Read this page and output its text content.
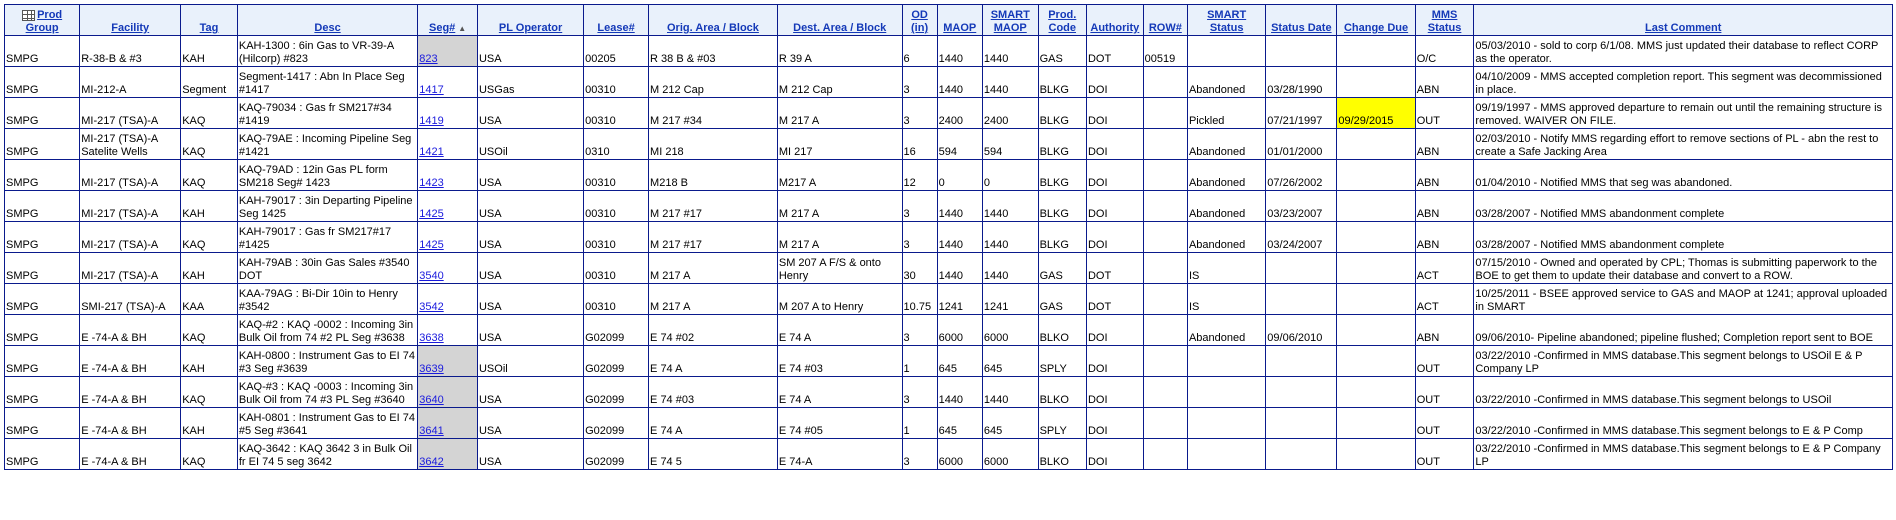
Prod Group	Facility	Tag	Desc	Seg# ▲	PL Operator	Lease#	Orig. Area / Block	Dest. Area / Block	OD (in)	MAOP	SMART MAOP	Prod. Code	Authority	ROW#	SMART Status	Status Date	Change Due	MMS Status	Last Comment
SMPG	R-38-B & #3	KAH	KAH-1300 : 6in Gas to VR-39-A (Hilcorp) #823	823	USA	00205	R 38 B & #03	R 39 A	6	1440	1440	GAS	DOT	00519				O/C	05/03/2010 - sold to corp 6/1/08. MMS just updated their database to reflect CORP as the operator.
SMPG	MI-212-A	Segment	Segment-1417 : Abn In Place Seg #1417	1417	USGas	00310	M 212 Cap	M 212 Cap	3	1440	1440	BLKG	DOI		Abandoned	03/28/1990		ABN	04/10/2009 - MMS accepted completion report. This segment was decommissioned in place.
SMPG	MI-217 (TSA)-A	KAQ	KAQ-79034 : Gas fr SM217#34 #1419	1419	USA	00310	M 217 #34	M 217 A	3	2400	2400	BLKG	DOI		Pickled	07/21/1997	09/29/2015	OUT	09/19/1997 - MMS approved departure to remain out until the remaining structure is removed. WAIVER ON FILE.
SMPG	MI-217 (TSA)-A Satelite Wells	KAQ	KAQ-79AE : Incoming Pipeline Seg #1421	1421	USOil	0310	MI 218	MI 217	16	594	594	BLKG	DOI		Abandoned	01/01/2000		ABN	02/03/2010 - Notify MMS regarding effort to remove sections of PL - abn the rest to create a Safe Jacking Area
SMPG	MI-217 (TSA)-A	KAQ	KAQ-79AD : 12in Gas PL form SM218 Seg# 1423	1423	USA	00310	M218 B	M217 A	12	0	0	BLKG	DOI		Abandoned	07/26/2002		ABN	01/04/2010 - Notified MMS that seg was abandoned.
SMPG	MI-217 (TSA)-A	KAH	KAH-79017 : 3in Departing Pipeline Seg 1425	1425	USA	00310	M 217 #17	M 217 A	3	1440	1440	BLKG	DOI		Abandoned	03/23/2007		ABN	03/28/2007 - Notified MMS abandonment complete
SMPG	MI-217 (TSA)-A	KAQ	KAH-79017 : Gas fr SM217#17 #1425	1425	USA	00310	M 217 #17	M 217 A	3	1440	1440	BLKG	DOI		Abandoned	03/24/2007		ABN	03/28/2007 - Notified MMS abandonment complete
SMPG	MI-217 (TSA)-A	KAH	KAH-79AB : 30in Gas Sales #3540 DOT	3540	USA	00310	M 217 A	SM 207 A F/S & onto Henry	30	1440	1440	GAS	DOT		IS			ACT	07/15/2010 - Owned and operated by CPL; Thomas is submitting paperwork to the BOE to get them to update their database and convert to a ROW.
SMPG	SMI-217 (TSA)-A	KAA	KAA-79AG : Bi-Dir 10in to Henry #3542	3542	USA	00310	M 217 A	M 207 A to Henry	10.75	1241	1241	GAS	DOT		IS			ACT	10/25/2011 - BSEE approved service to GAS and MAOP at 1241; approval uploaded in SMART
SMPG	E -74-A & BH	KAQ	KAQ-#2 : KAQ -0002 : Incoming 3in Bulk Oil from 74 #2 PL Seg #3638	3638	USA	G02099	E 74 #02	E 74 A	3	6000	6000	BLKO	DOI		Abandoned	09/06/2010		ABN	09/06/2010- Pipeline abandoned; pipeline flushed; Completion report sent to BOE
SMPG	E -74-A & BH	KAH	KAH-0800 : Instrument Gas to EI 74 #3 Seg #3639	3639	USOil	G02099	E 74 A	E 74 #03	1	645	645	SPLY	DOI					OUT	03/22/2010 -Confirmed in MMS database.This segment belongs to USOil E & P Company LP
SMPG	E -74-A & BH	KAQ	KAQ-#3 : KAQ -0003 : Incoming 3in Bulk Oil from 74 #3 PL Seg #3640	3640	USA	G02099	E 74 #03	E 74 A	3	1440	1440	BLKO	DOI					OUT	03/22/2010 -Confirmed in MMS database.This segment belongs to USOil
SMPG	E -74-A & BH	KAH	KAH-0801 : Instrument Gas to EI 74 #5 Seg #3641	3641	USA	G02099	E 74 A	E 74 #05	1	645	645	SPLY	DOI					OUT	03/22/2010 -Confirmed in MMS database.This segment belongs to E & P Comp
SMPG	E -74-A & BH	KAQ	KAQ-3642 : KAQ 3642 3 in Bulk Oil fr EI 74 5 seg 3642	3642	USA	G02099	E 74 5	E 74-A	3	6000	6000	BLKO	DOI					OUT	03/22/2010 -Confirmed in MMS database.This segment belongs to E & P Company LP
